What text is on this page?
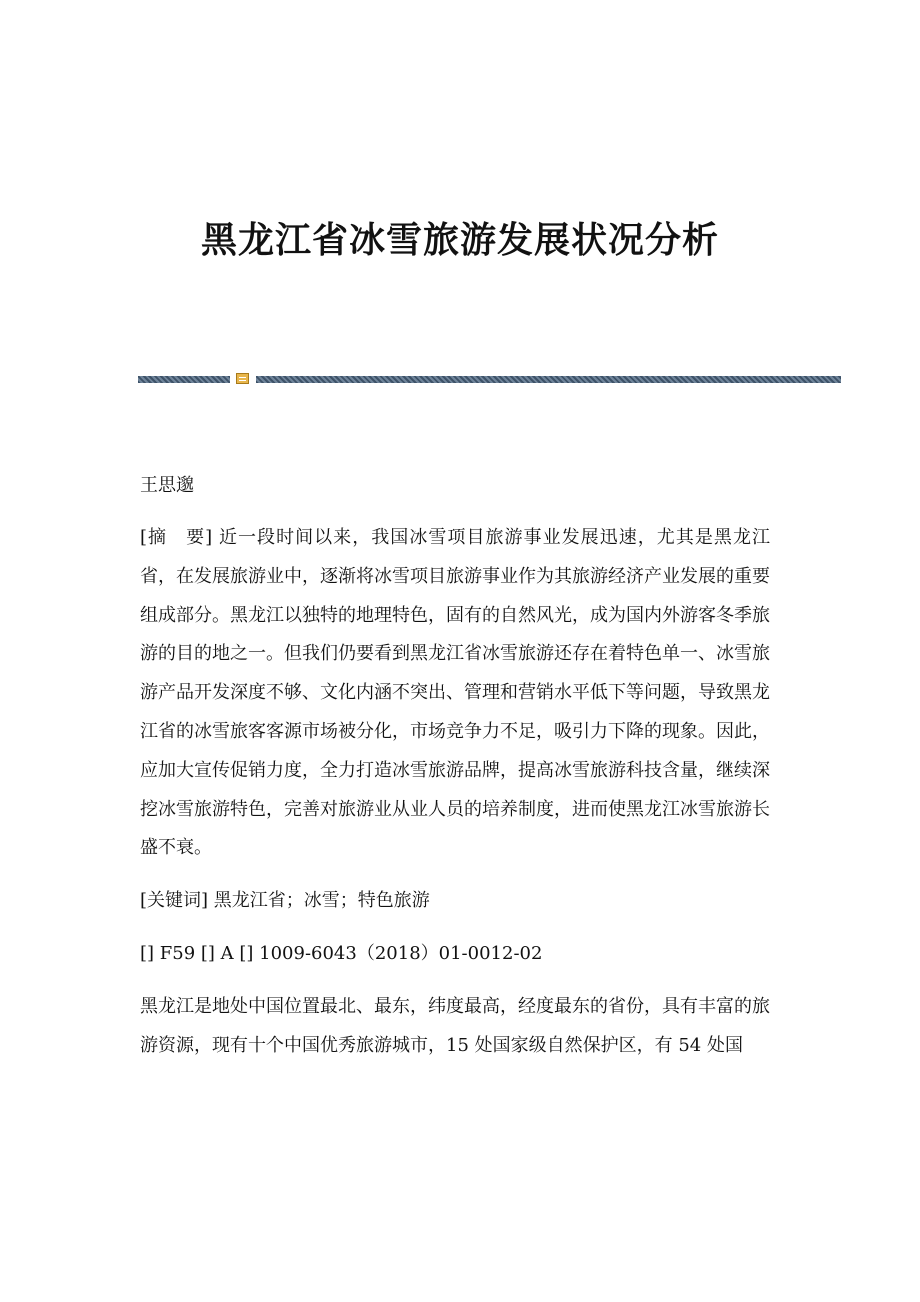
黑龙江省冰雪旅游发展状况分析

王思邈

[摘　要] 近一段时间以来，我国冰雪项目旅游事业发展迅速，尤其是黑龙江省，在发展旅游业中，逐渐将冰雪项目旅游事业作为其旅游经济产业发展的重要组成部分。黑龙江以独特的地理特色，固有的自然风光，成为国内外游客冬季旅游的目的地之一。但我们仍要看到黑龙江省冰雪旅游还存在着特色单一、冰雪旅游产品开发深度不够、文化内涵不突出、管理和营销水平低下等问题，导致黑龙江省的冰雪旅客客源市场被分化，市场竞争力不足，吸引力下降的现象。因此，应加大宣传促销力度，全力打造冰雪旅游品牌，提高冰雪旅游科技含量，继续深挖冰雪旅游特色，完善对旅游业从业人员的培养制度，进而使黑龙江冰雪旅游长盛不衰。

[关键词] 黑龙江省；冰雪；特色旅游

[] F59 [] A [] 1009-6043（2018）01-0012-02

黑龙江是地处中国位置最北、最东，纬度最高，经度最东的省份，具有丰富的旅游资源，现有十个中国优秀旅游城市，15 处国家级自然保护区，有 54 处国
